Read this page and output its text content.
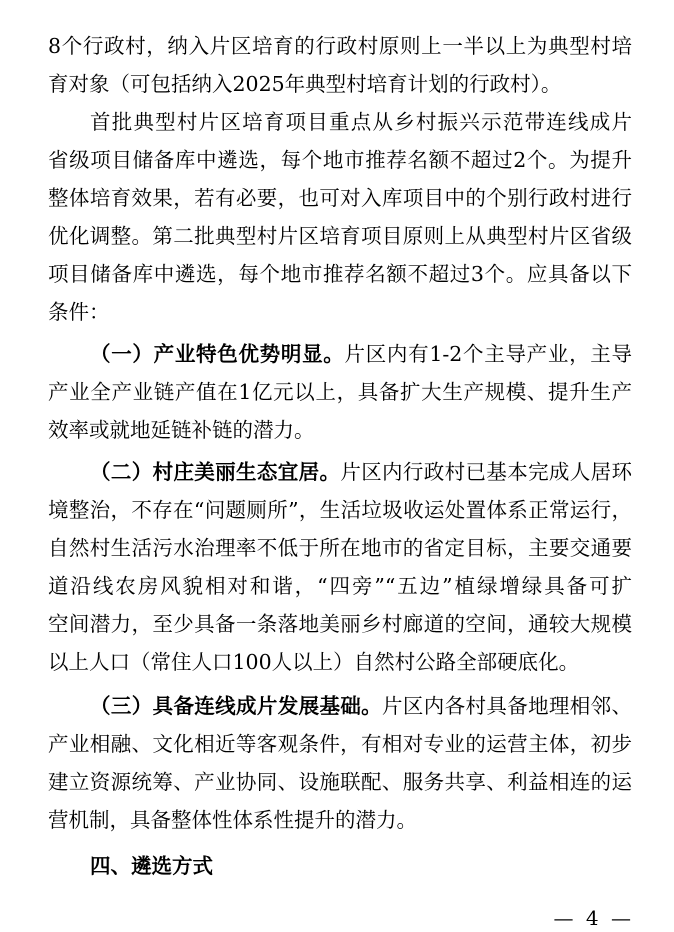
8个行政村，纳入片区培育的行政村原则上一半以上为典型村培
育对象（可包括纳入2025年典型村培育计划的行政村）。
首批典型村片区培育项目重点从乡村振兴示范带连线成片
省级项目储备库中遴选，每个地市推荐名额不超过2个。为提升
整体培育效果，若有必要，也可对入库项目中的个别行政村进行
优化调整。第二批典型村片区培育项目原则上从典型村片区省级
项目储备库中遴选，每个地市推荐名额不超过3个。应具备以下
条件：
（一）产业特色优势明显。片区内有1-2个主导产业，主导
产业全产业链产值在1亿元以上，具备扩大生产规模、提升生产
效率或就地延链补链的潜力。
（二）村庄美丽生态宜居。片区内行政村已基本完成人居环
境整治，不存在“问题厕所”，生活垃圾收运处置体系正常运行，
自然村生活污水治理率不低于所在地市的省定目标，主要交通要
道沿线农房风貌相对和谐，“四旁”“五边”植绿增绿具备可扩
空间潜力，至少具备一条落地美丽乡村廊道的空间，通较大规模
以上人口（常住人口100人以上）自然村公路全部硬底化。
（三）具备连线成片发展基础。片区内各村具备地理相邻、
产业相融、文化相近等客观条件，有相对专业的运营主体，初步
建立资源统筹、产业协同、设施联配、服务共享、利益相连的运
营机制，具备整体性体系性提升的潜力。
四、遴选方式
— 4 —
